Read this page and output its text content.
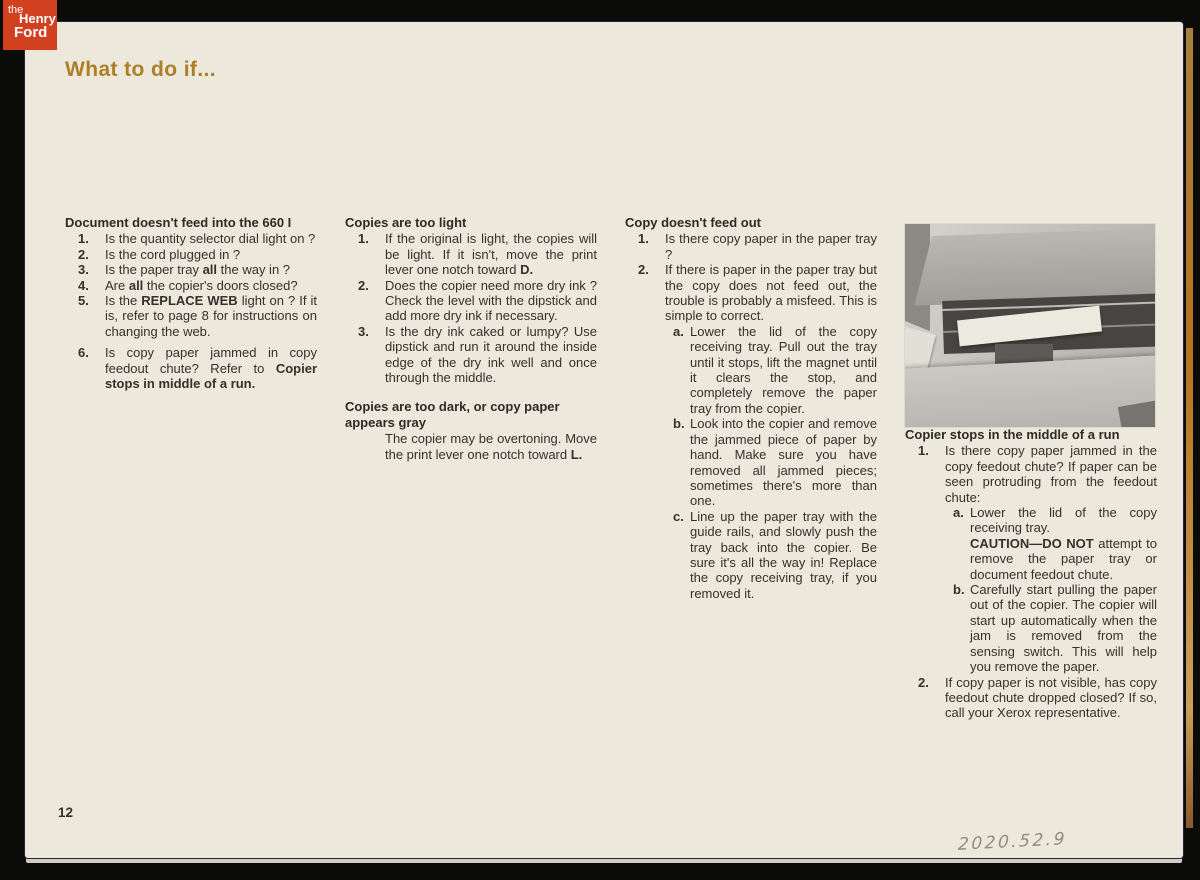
What to do if...
Document doesn't feed into the 660 I
1.	Is the quantity selector dial light on ?
2.	Is the cord plugged in ?
3.	Is the paper tray all the way in ?
4.	Are all the copier's doors closed?
5.	Is the REPLACE WEB light on ? If it is, refer to page 8 for instructions on changing the web.
6.	Is copy paper jammed in copy feedout chute? Refer to Copier stops in middle of a run.
Copies are too light
1.	If the original is light, the copies will be light. If it isn't, move the print lever one notch toward D.
2.	Does the copier need more dry ink ? Check the level with the dipstick and add more dry ink if necessary.
3.	Is the dry ink caked or lumpy? Use dipstick and run it around the inside edge of the dry ink well and once through the middle.
Copies are too dark, or copy paper appears gray
The copier may be overtoning. Move the print lever one notch toward L.
Copy doesn't feed out
1.	Is there copy paper in the paper tray ?
2.	If there is paper in the paper tray but the copy does not feed out, the trouble is probably a misfeed. This is simple to correct.
a. Lower the lid of the copy receiving tray. Pull out the tray until it stops, lift the magnet until it clears the stop, and completely remove the paper tray from the copier.
b. Look into the copier and remove the jammed piece of paper by hand. Make sure you have removed all jammed pieces; sometimes there's more than one.
c. Line up the paper tray with the guide rails, and slowly push the tray back into the copier. Be sure it's all the way in! Replace the copy receiving tray, if you removed it.
Copier stops in the middle of a run
1.	Is there copy paper jammed in the copy feedout chute? If paper can be seen protruding from the feedout chute:
a. Lower the lid of the copy receiving tray.
CAUTION—DO NOT attempt to remove the paper tray or document feedout chute.
b. Carefully start pulling the paper out of the copier. The copier will start up automatically when the jam is removed from the sensing switch. This will help you remove the paper.
2.	If copy paper is not visible, has copy feedout chute dropped closed? If so, call your Xerox representative.
12
2020.52.9
the
Henry
Ford
